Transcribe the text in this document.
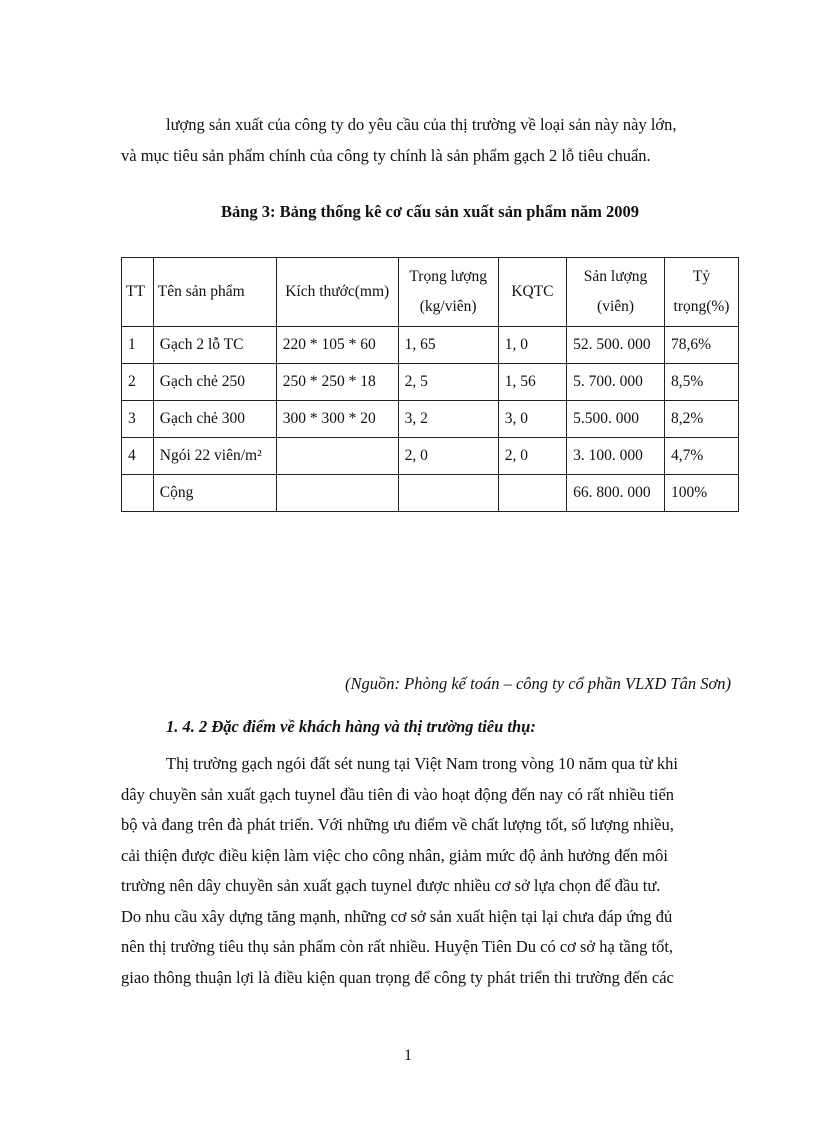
lượng sản xuất của công ty do yêu cầu của thị trường về loại sản này này lớn,
và mục tiêu sản phẩm chính của công ty chính là sản phẩm gạch 2 lỗ tiêu chuẩn.

Bảng 3: Bảng thống kê cơ cấu sản xuất sản phẩm năm 2009

TT	Tên sản phẩm	Kích thước(mm)	Trọng lượng (kg/viên)	KQTC	Sản lượng (viên)	Tỷ trọng(%)
1	Gạch 2 lỗ TC	220 * 105 * 60	1, 65	1, 0	52. 500. 000	78,6%
2	Gạch chẻ 250	250 * 250 * 18	2, 5	1, 56	5. 700. 000	8,5%
3	Gạch chẻ 300	300 * 300 * 20	3, 2	3, 0	5.500. 000	8,2%
4	Ngói 22 viên/m²		2, 0	2, 0	3. 100. 000	4,7%
	Cộng				66. 800. 000	100%

(Nguồn: Phòng kế toán – công ty cổ phần VLXD Tân Sơn)

1. 4. 2 Đặc điểm về khách hàng và thị trường tiêu thụ:

Thị trường gạch ngói đất sét nung tại Việt Nam trong vòng 10 năm qua từ khi
dây chuyền sản xuất gạch tuynel đầu tiên đi vào hoạt động đến nay có rất nhiều tiến
bộ và đang trên đà phát triển. Với những ưu điểm về chất lượng tốt, số lượng nhiều,
cải thiện được điều kiện làm việc cho công nhân, giảm mức độ ảnh hưởng đến môi
trường nên dây chuyền sản xuất gạch tuynel được nhiều cơ sở lựa chọn để đầu tư.
Do nhu cầu xây dựng tăng mạnh, những cơ sở sản xuất hiện tại lại chưa đáp ứng đủ
nên thị trường tiêu thụ sản phẩm còn rất nhiều. Huyện Tiên Du có cơ sở hạ tầng tốt,
giao thông thuận lợi là điều kiện quan trọng để công ty phát triển thi trường đến các

1
